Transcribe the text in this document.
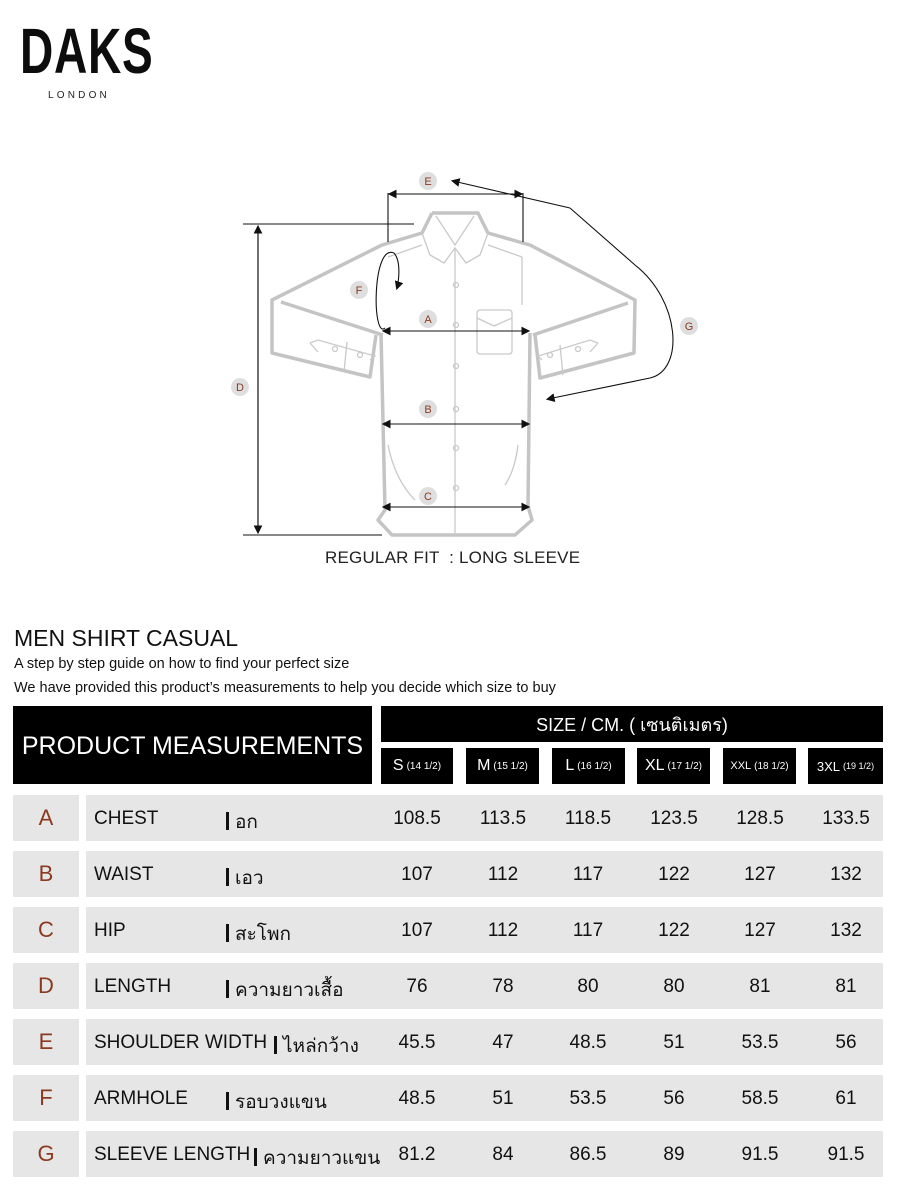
DAKS
LONDON
E
F
A
G
D
B
C
REGULAR FIT  : LONG SLEEVE
MEN SHIRT CASUAL
A step by step guide on how to find your perfect size
We have provided this product’s measurements to help you decide which size to buy
PRODUCT MEASUREMENTS
SIZE / CM. ( เซนติเมตร)
S (14 1/2) M (15 1/2) L (16 1/2) XL (17 1/2)	XXL (18 1/2) 3XL (19 1/2)
A	CHEST	อก	108.5	113.5	118.5	123.5	128.5	133.5
B	WAIST	เอว	107	112	117	122	127	132
C	HIP	สะโพก	107	112	117	122	127	132
D	LENGTH	ความยาวเสื้อ	76	78	80	80	81	81
E	SHOULDER WIDTH ไหล่กว้าง	45.5	47	48.5	51	53.5	56
F	ARMHOLE	รอบวงแขน	48.5	51	53.5	56	58.5	61
G	SLEEVE LENGTH ความยาวแขน 81.2	84	86.5	89	91.5	91.5
